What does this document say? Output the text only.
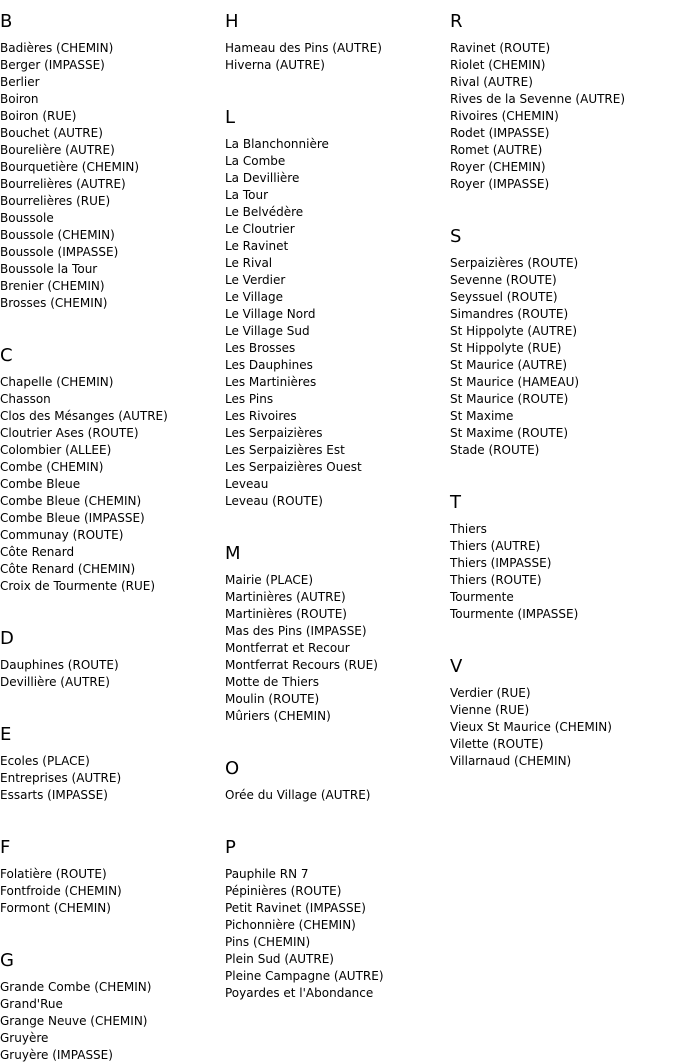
B
Badières (CHEMIN)
Berger (IMPASSE)
Berlier
Boiron
Boiron (RUE)
Bouchet (AUTRE)
Bourelière (AUTRE)
Bourquetière (CHEMIN)
Bourrelières (AUTRE)
Bourrelières (RUE)
Boussole
Boussole (CHEMIN)
Boussole (IMPASSE)
Boussole la Tour
Brenier (CHEMIN)
Brosses (CHEMIN)
C
Chapelle (CHEMIN)
Chasson
Clos des Mésanges (AUTRE)
Cloutrier Ases (ROUTE)
Colombier (ALLEE)
Combe (CHEMIN)
Combe Bleue
Combe Bleue (CHEMIN)
Combe Bleue (IMPASSE)
Communay (ROUTE)
Côte Renard
Côte Renard (CHEMIN)
Croix de Tourmente (RUE)
D
Dauphines (ROUTE)
Devillière (AUTRE)
E
Ecoles (PLACE)
Entreprises (AUTRE)
Essarts (IMPASSE)
F
Folatière (ROUTE)
Fontfroide (CHEMIN)
Formont (CHEMIN)
G
Grande Combe (CHEMIN)
Grand'Rue
Grange Neuve (CHEMIN)
Gruyère
Gruyère (IMPASSE)
H
Hameau des Pins (AUTRE)
Hiverna (AUTRE)
L
La Blanchonnière
La Combe
La Devillière
La Tour
Le Belvédère
Le Cloutrier
Le Ravinet
Le Rival
Le Verdier
Le Village
Le Village Nord
Le Village Sud
Les Brosses
Les Dauphines
Les Martinières
Les Pins
Les Rivoires
Les Serpaizières
Les Serpaizières Est
Les Serpaizières Ouest
Leveau
Leveau (ROUTE)
M
Mairie (PLACE)
Martinières (AUTRE)
Martinières (ROUTE)
Mas des Pins (IMPASSE)
Montferrat et Recour
Montferrat Recours (RUE)
Motte de Thiers
Moulin (ROUTE)
Mûriers (CHEMIN)
O
Orée du Village (AUTRE)
P
Pauphile RN 7
Pépinières (ROUTE)
Petit Ravinet (IMPASSE)
Pichonnière (CHEMIN)
Pins (CHEMIN)
Plein Sud (AUTRE)
Pleine Campagne (AUTRE)
Poyardes et l'Abondance
R
Ravinet (ROUTE)
Riolet (CHEMIN)
Rival (AUTRE)
Rives de la Sevenne (AUTRE)
Rivoires (CHEMIN)
Rodet (IMPASSE)
Romet (AUTRE)
Royer (CHEMIN)
Royer (IMPASSE)
S
Serpaizières (ROUTE)
Sevenne (ROUTE)
Seyssuel (ROUTE)
Simandres (ROUTE)
St Hippolyte (AUTRE)
St Hippolyte (RUE)
St Maurice (AUTRE)
St Maurice (HAMEAU)
St Maurice (ROUTE)
St Maxime
St Maxime (ROUTE)
Stade (ROUTE)
T
Thiers
Thiers (AUTRE)
Thiers (IMPASSE)
Thiers (ROUTE)
Tourmente
Tourmente (IMPASSE)
V
Verdier (RUE)
Vienne (RUE)
Vieux St Maurice (CHEMIN)
Vilette (ROUTE)
Villarnaud (CHEMIN)
